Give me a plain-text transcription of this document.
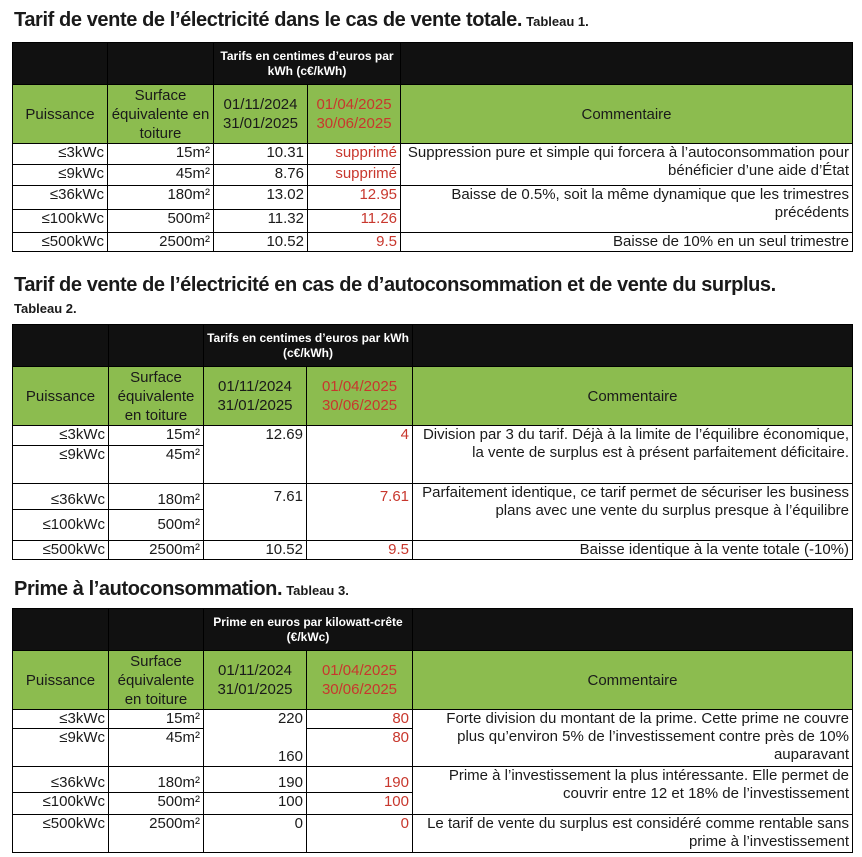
Tarif de vente de l’électricité dans le cas de vente totale. Tableau 1.
		Tarifs en centimes d’euros par kWh (c€/kWh)		
Puissance	Surface équivalente en toiture	01/11/2024 31/01/2025	01/04/2025 30/06/2025	Commentaire
≤3kWc	15m²	10.31	supprimé	Suppression pure et simple qui forcera à l’autoconsommation pour bénéficier d’une aide d’État
≤9kWc	45m²	8.76	supprimé	
≤36kWc	180m²	13.02	12.95	Baisse de 0.5%, soit la même dynamique que les trimestres précédents
≤100kWc	500m²	11.32	11.26	
≤500kWc	2500m²	10.52	9.5	Baisse de 10% en un seul trimestre
Tarif de vente de l’électricité en cas de d’autoconsommation et de vente du surplus.
Tableau 2.
		Tarifs en centimes d’euros par kWh (c€/kWh)		
Puissance	Surface équivalente en toiture	01/11/2024 31/01/2025	01/04/2025 30/06/2025	Commentaire
≤3kWc	15m²	12.69	4	Division par 3 du tarif. Déjà à la limite de l’équilibre économique, la vente de surplus est à présent parfaitement déficitaire.
≤9kWc	45m²			
≤36kWc	180m²	7.61	7.61	Parfaitement identique, ce tarif permet de sécuriser les business plans avec une vente du surplus presque à l’équilibre
≤100kWc	500m²			
≤500kWc	2500m²	10.52	9.5	Baisse identique à la vente totale (-10%)
Prime à l’autoconsommation. Tableau 3.
		Prime en euros par kilowatt-crête (€/kWc)		
Puissance	Surface équivalente en toiture	01/11/2024 31/01/2025	01/04/2025 30/06/2025	Commentaire
≤3kWc	15m²	220	80	Forte division du montant de la prime. Cette prime ne couvre plus qu’environ 5% de l’investissement contre près de 10% auparavant
≤9kWc	45m²	160	80	
≤36kWc	180m²	190	190	Prime à l’investissement la plus intéressante. Elle permet de couvrir entre 12 et 18% de l’investissement
≤100kWc	500m²	100	100	
≤500kWc	2500m²	0	0	Le tarif de vente du surplus est considéré comme rentable sans prime à l’investissement
